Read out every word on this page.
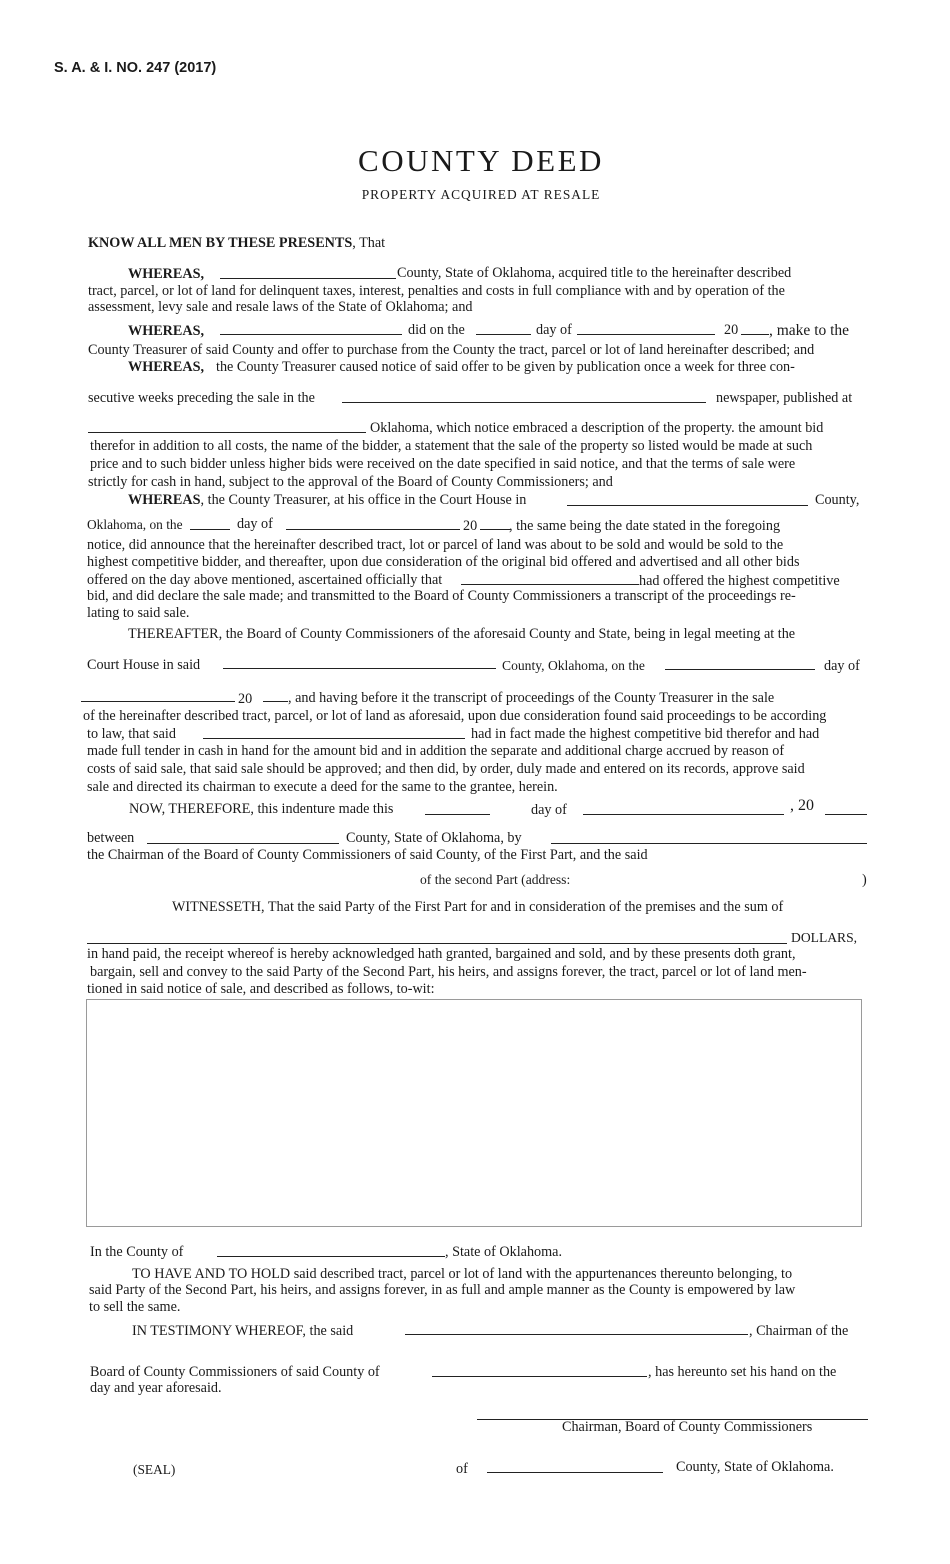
S. A. & I. NO. 247 (2017)
COUNTY DEED
PROPERTY ACQUIRED AT RESALE
KNOW ALL MEN BY THESE PRESENTS, That
WHEREAS,	County, State of Oklahoma, acquired title to the hereinafter described
tract, parcel, or lot of land for delinquent taxes, interest, penalties and costs in full compliance with and by operation of the
assessment, levy sale and resale laws of the State of Oklahoma; and
WHEREAS,	did on the	day of	20 , make to the
County Treasurer of said County and offer to purchase from the County the tract, parcel or lot of land hereinafter described; and
WHEREAS, the County Treasurer caused notice of said offer to be given by publication once a week for three con-
secutive weeks preceding the sale in the	newspaper, published at
Oklahoma, which notice embraced a description of the property. the amount bid
therefor in addition to all costs, the name of the bidder, a statement that the sale of the property so listed would be made at such
price and to such bidder unless higher bids were received on the date specified in said notice, and that the terms of sale were
strictly for cash in hand, subject to the approval of the Board of County Commissioners; and
WHEREAS, the County Treasurer, at his office in the Court House in	County,
Oklahoma, on the	day of	20 , the same being the date stated in the foregoing
notice, did announce that the hereinafter described tract, lot or parcel of land was about to be sold and would be sold to the
highest competitive bidder, and thereafter, upon due consideration of the original bid offered and advertised and all other bids
offered on the day above mentioned, ascertained officially that	had offered the highest competitive
bid, and did declare the sale made; and transmitted to the Board of County Commissioners a transcript of the proceedings re-
lating to said sale.
THEREAFTER, the Board of County Commissioners of the aforesaid County and State, being in legal meeting at the
Court House in said	County, Oklahoma, on the	day of
20	, and having before it the transcript of proceedings of the County Treasurer in the sale
of the hereinafter described tract, parcel, or lot of land as aforesaid, upon due consideration found said proceedings to be according
to law, that said	had in fact made the highest competitive bid therefor and had
made full tender in cash in hand for the amount bid and in addition the separate and additional charge accrued by reason of
costs of said sale, that said sale should be approved; and then did, by order, duly made and entered on its records, approve said
sale and directed its chairman to execute a deed for the same to the grantee, herein.
NOW, THEREFORE, this indenture made this	day of	, 20
between	County, State of Oklahoma, by
the Chairman of the Board of County Commissioners of said County, of the First Part, and the said
of the second Part (address:	)
WITNESSETH, That the said Party of the First Part for and in consideration of the premises and the sum of
DOLLARS,
in hand paid, the receipt whereof is hereby acknowledged hath granted, bargained and sold, and by these presents doth grant,
bargain, sell and convey to the said Party of the Second Part, his heirs, and assigns forever, the tract, parcel or lot of land men-
tioned in said notice of sale, and described as follows, to-wit:
In the County of	, State of Oklahoma.
TO HAVE AND TO HOLD said described tract, parcel or lot of land with the appurtenances thereunto belonging, to
said Party of the Second Part, his heirs, and assigns forever, in as full and ample manner as the County is empowered by law
to sell the same.
IN TESTIMONY WHEREOF, the said	, Chairman of the
Board of County Commissioners of said County of	, has hereunto set his hand on the
day and year aforesaid.
Chairman, Board of County Commissioners
(SEAL)	of	County, State of Oklahoma.
